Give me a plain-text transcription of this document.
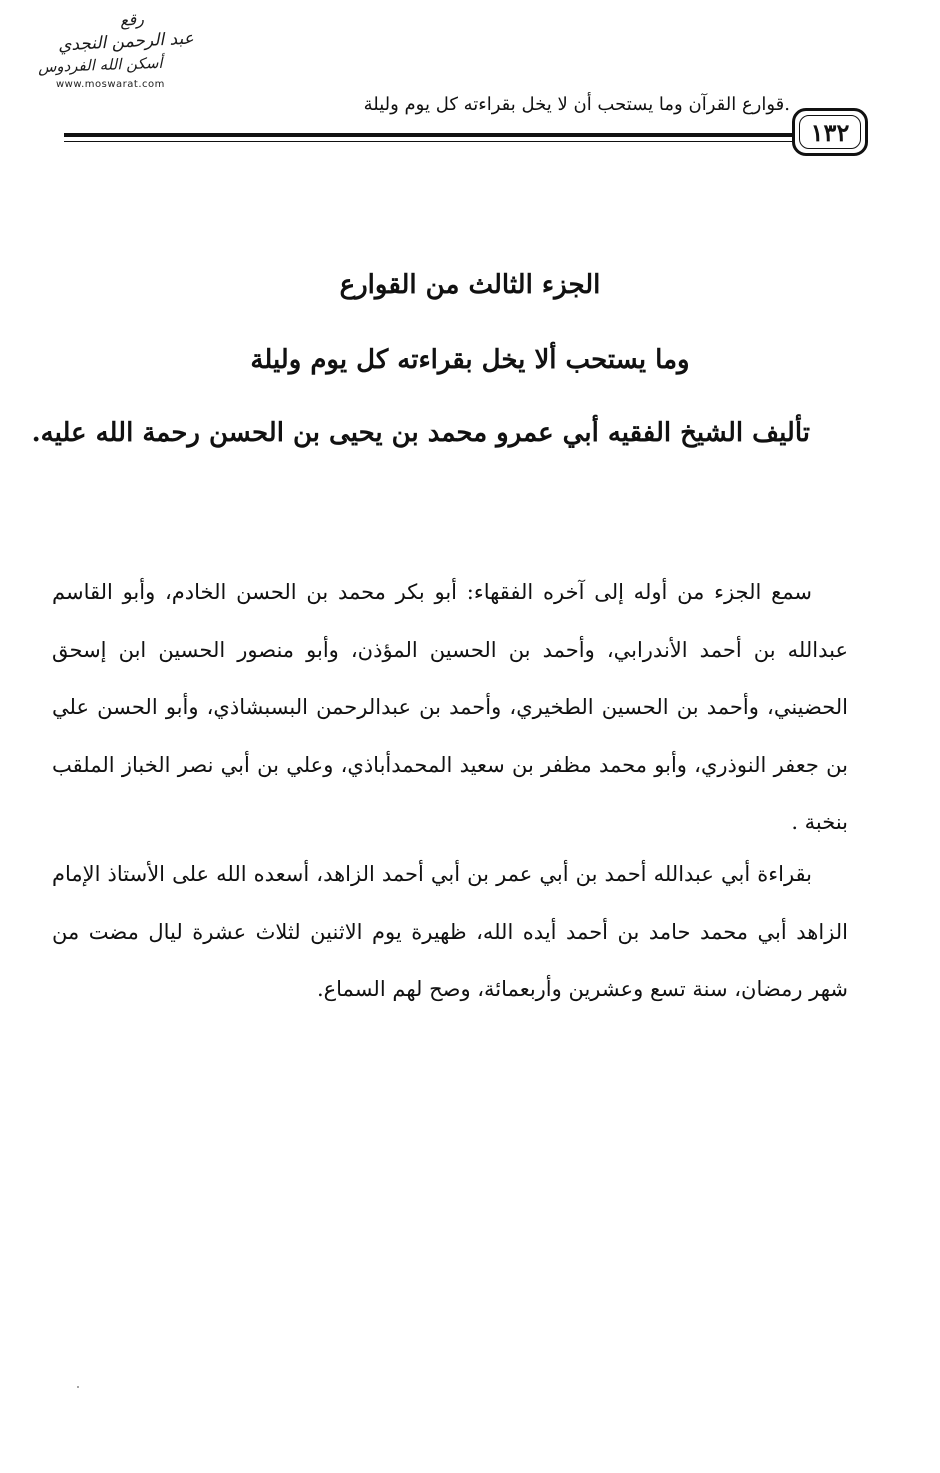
رقع
عبد الرحمن النجدي
أسكن الله الفردوس
www.moswarat.com
.قوارع القرآن وما يستحب أن لا يخل بقراءته كل يوم وليلة
١٣٢
الجزء الثالث من القوارع
وما يستحب ألا يخل بقراءته كل يوم وليلة
تأليف الشيخ الفقيه أبي عمرو محمد بن يحيى بن الحسن رحمة الله عليه.

سمع الجزء من أوله إلى آخره الفقهاء: أبو بكر محمد بن الحسن الخادم، وأبو القاسم عبدالله بن أحمد الأندرابي، وأحمد بن الحسين المؤذن، وأبو منصور الحسين ابن إسحق الحضيني، وأحمد بن الحسين الطخيري، وأحمد بن عبدالرحمن البسبشاذي، وأبو الحسن علي بن جعفر النوذري، وأبو محمد مظفر بن سعيد المحمدأباذي، وعلي بن أبي نصر الخباز الملقب بنخبة .

بقراءة أبي عبدالله أحمد بن أبي عمر بن أبي أحمد الزاهد، أسعده الله على الأستاذ الإمام الزاهد أبي محمد حامد بن أحمد أيده الله، ظهيرة يوم الاثنين لثلاث عشرة ليال مضت من شهر رمضان، سنة تسع وعشرين وأربعمائة، وصح لهم السماع.
